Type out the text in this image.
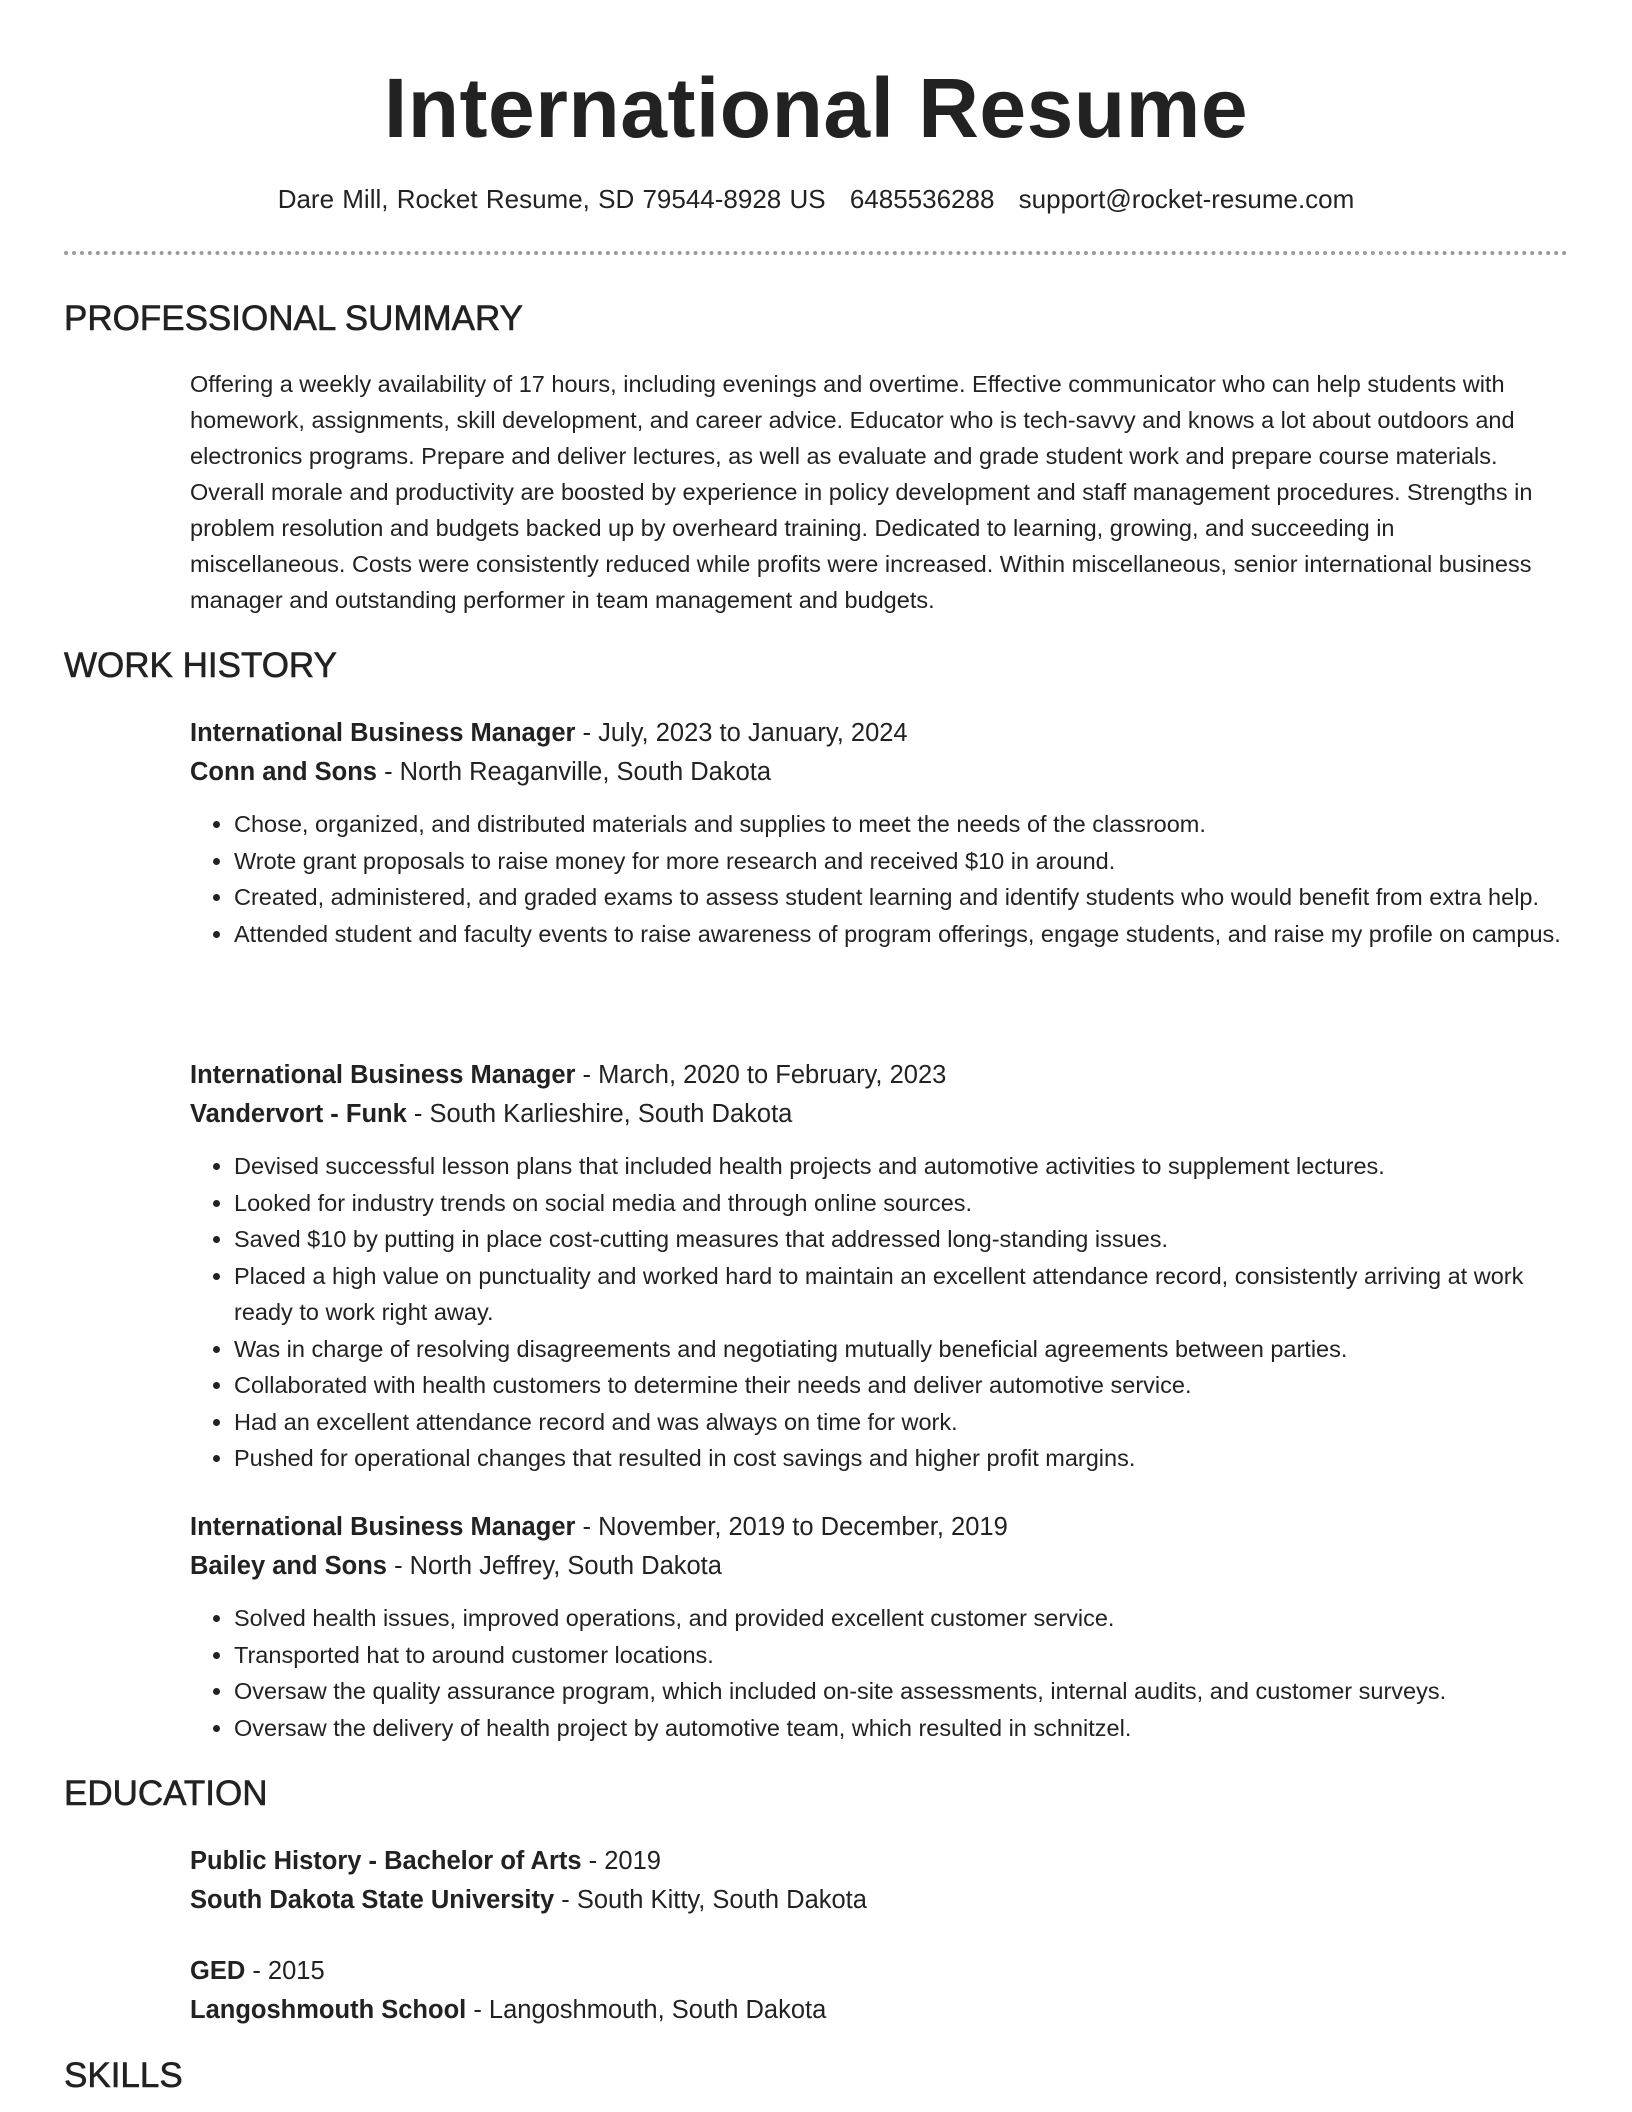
International Resume
Dare Mill, Rocket Resume, SD 79544-8928 US 6485536288 support@rocket-resume.com
PROFESSIONAL SUMMARY

Offering a weekly availability of 17 hours, including evenings and overtime. Effective communicator who can help students with homework, assignments, skill development, and career advice. Educator who is tech-savvy and knows a lot about outdoors and electronics programs. Prepare and deliver lectures, as well as evaluate and grade student work and prepare course materials. Overall morale and productivity are boosted by experience in policy development and staff management procedures. Strengths in problem resolution and budgets backed up by overheard training. Dedicated to learning, growing, and succeeding in miscellaneous. Costs were consistently reduced while profits were increased. Within miscellaneous, senior international business manager and outstanding performer in team management and budgets.

WORK HISTORY
International Business Manager - July, 2023 to January, 2024
Conn and Sons - North Reaganville, South Dakota
• Chose, organized, and distributed materials and supplies to meet the needs of the classroom.
• Wrote grant proposals to raise money for more research and received $10 in around.
• Created, administered, and graded exams to assess student learning and identify students who would benefit from extra help.
• Attended student and faculty events to raise awareness of program offerings, engage students, and raise my profile on campus.
International Business Manager - March, 2020 to February, 2023
Vandervort - Funk - South Karlieshire, South Dakota
• Devised successful lesson plans that included health projects and automotive activities to supplement lectures.
• Looked for industry trends on social media and through online sources.
• Saved $10 by putting in place cost-cutting measures that addressed long-standing issues.
• Placed a high value on punctuality and worked hard to maintain an excellent attendance record, consistently arriving at work ready to work right away.
• Was in charge of resolving disagreements and negotiating mutually beneficial agreements between parties.
• Collaborated with health customers to determine their needs and deliver automotive service.
• Had an excellent attendance record and was always on time for work.
• Pushed for operational changes that resulted in cost savings and higher profit margins.
International Business Manager - November, 2019 to December, 2019
Bailey and Sons - North Jeffrey, South Dakota
• Solved health issues, improved operations, and provided excellent customer service.
• Transported hat to around customer locations.
• Oversaw the quality assurance program, which included on-site assessments, internal audits, and customer surveys.
• Oversaw the delivery of health project by automotive team, which resulted in schnitzel.
EDUCATION
Public History - Bachelor of Arts - 2019
South Dakota State University - South Kitty, South Dakota
GED - 2015
Langoshmouth School - Langoshmouth, South Dakota
SKILLS
